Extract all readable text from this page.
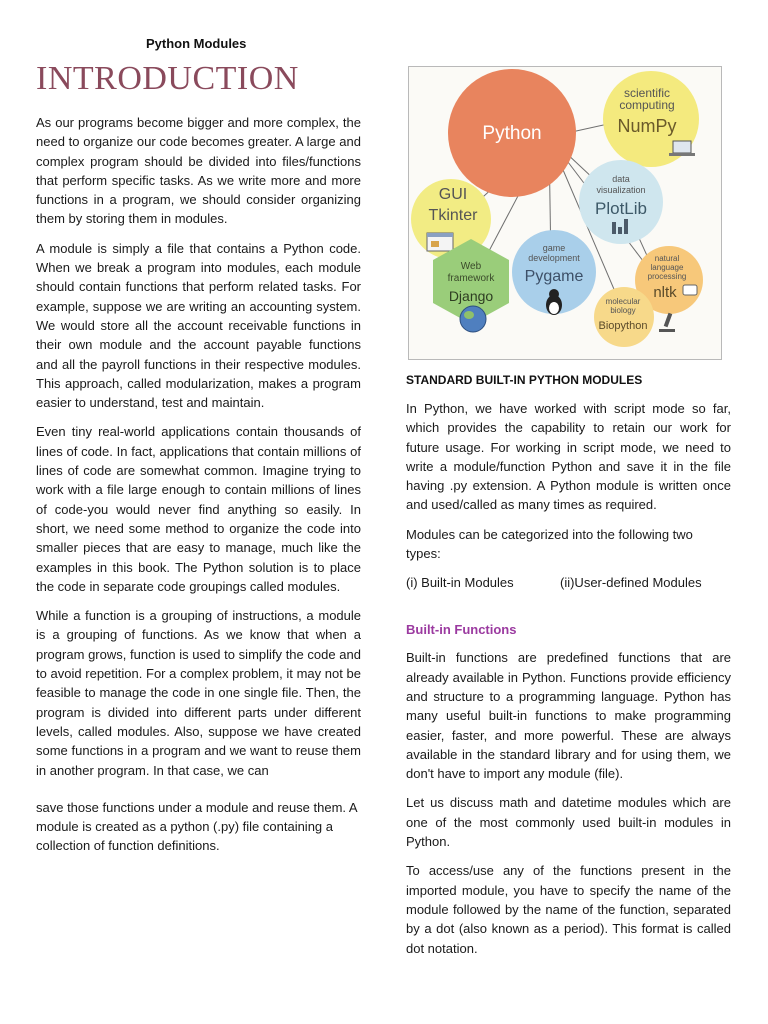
Python Modules
INTRODUCTION

As our programs become bigger and more complex, the need to organize our code becomes greater. A large and complex program should be divided into files/functions that perform specific tasks. As we write more and more functions in a program, we should consider organizing them by storing them in modules.

A module is simply a file that contains a Python code. When we break a program into modules, each module should contain functions that perform related tasks. For example, suppose we are writing an accounting system. We would store all the account receivable functions in their own module and the account payable functions and all the payroll functions in their respective modules. This approach, called modularization, makes a program easier to understand, test and maintain.

Even tiny real-world applications contain thousands of lines of code. In fact, applications that contain millions of lines of code are somewhat common. Imagine trying to work with a file large enough to contain millions of lines of code-you would never find anything so easily. In short, we need some method to organize the code into smaller pieces that are easy to manage, much like the examples in this book. The Python solution is to place the code in separate code groupings called modules.

While a function is a grouping of instructions, a module is a grouping of functions. As we know that when a program grows, function is used to simplify the code and to avoid repetition. For a complex problem, it may not be feasible to manage the code in one single file. Then, the program is divided into different parts under different levels, called modules. Also, suppose we have created some functions in a program and we want to reuse them in another program. In that case, we can

save those functions under a module and reuse them. A module is created as a python (.py) file containing a collection of function definitions.

Python
scientific
computing
NumPy
data
visualization
PlotLib
GUI
Tkinter
game
development
Pygame
natural
language
processing
nltk
Web
framework
Django	molecular
biology
Biopython
STANDARD BUILT-IN PYTHON MODULES

In Python, we have worked with script mode so far, which provides the capability to retain our work for future usage. For working in script mode, we need to write a module/function Python and save it in the file having .py extension. A Python module is written once and used/called as many times as required.

Modules can be categorized into the following two types:

(i) Built-in Modules	(ii)User-defined Modules
Built-in Functions

Built-in functions are predefined functions that are already available in Python. Functions provide efficiency and structure to a programming language. Python has many useful built-in functions to make programming easier, faster, and more powerful. These are always available in the standard library and for using them, we don't have to import any module (file).

Let us discuss math and datetime modules which are one of the most commonly used built-in modules in Python.

To access/use any of the functions present in the imported module, you have to specify the name of the module followed by the name of the function, separated by a dot (also known as a period). This format is called dot notation.
